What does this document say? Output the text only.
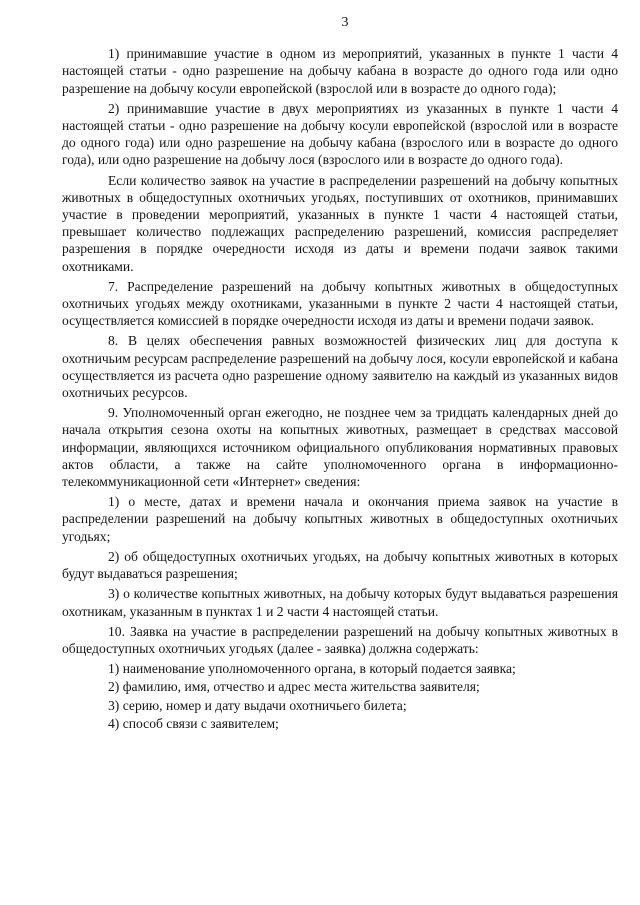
3

1) принимавшие участие в одном из мероприятий, указанных в пункте 1 части 4 настоящей статьи - одно разрешение на добычу кабана в возрасте до одного года или одно разрешение на добычу косули европейской (взрослой или в возрасте до одного года);

2) принимавшие участие в двух мероприятиях из указанных в пункте 1 части 4 настоящей статьи - одно разрешение на добычу косули европейской (взрослой или в возрасте до одного года) или одно разрешение на добычу кабана (взрослого или в возрасте до одного года), или одно разрешение на добычу лося (взрослого или в возрасте до одного года).

Если количество заявок на участие в распределении разрешений на добычу копытных животных в общедоступных охотничьих угодьях, поступивших от охотников, принимавших участие в проведении мероприятий, указанных в пункте 1 части 4 настоящей статьи, превышает количество подлежащих распределению разрешений, комиссия распределяет разрешения в порядке очередности исходя из даты и времени подачи заявок такими охотниками.

7. Распределение разрешений на добычу копытных животных в общедоступных охотничьих угодьях между охотниками, указанными в пункте 2 части 4 настоящей статьи, осуществляется комиссией в порядке очередности исходя из даты и времени подачи заявок.

8. В целях обеспечения равных возможностей физических лиц для доступа к охотничьим ресурсам распределение разрешений на добычу лося, косули европейской и кабана осуществляется из расчета одно разрешение одному заявителю на каждый из указанных видов охотничьих ресурсов.

9. Уполномоченный орган ежегодно, не позднее чем за тридцать календарных дней до начала открытия сезона охоты на копытных животных, размещает в средствах массовой информации, являющихся источником официального опубликования нормативных правовых актов области, а также на сайте уполномоченного органа в информационно-телекоммуникационной сети «Интернет» сведения:

1) о месте, датах и времени начала и окончания приема заявок на участие в распределении разрешений на добычу копытных животных в общедоступных охотничьих угодьях;

2) об общедоступных охотничьих угодьях, на добычу копытных животных в которых будут выдаваться разрешения;

3) о количестве копытных животных, на добычу которых будут выдаваться разрешения охотникам, указанным в пунктах 1 и 2 части 4 настоящей статьи.

10. Заявка на участие в распределении разрешений на добычу копытных животных в общедоступных охотничьих угодьях (далее - заявка) должна содержать:

1) наименование уполномоченного органа, в который подается заявка;

2) фамилию, имя, отчество и адрес места жительства заявителя;

3) серию, номер и дату выдачи охотничьего билета;

4) способ связи с заявителем;
